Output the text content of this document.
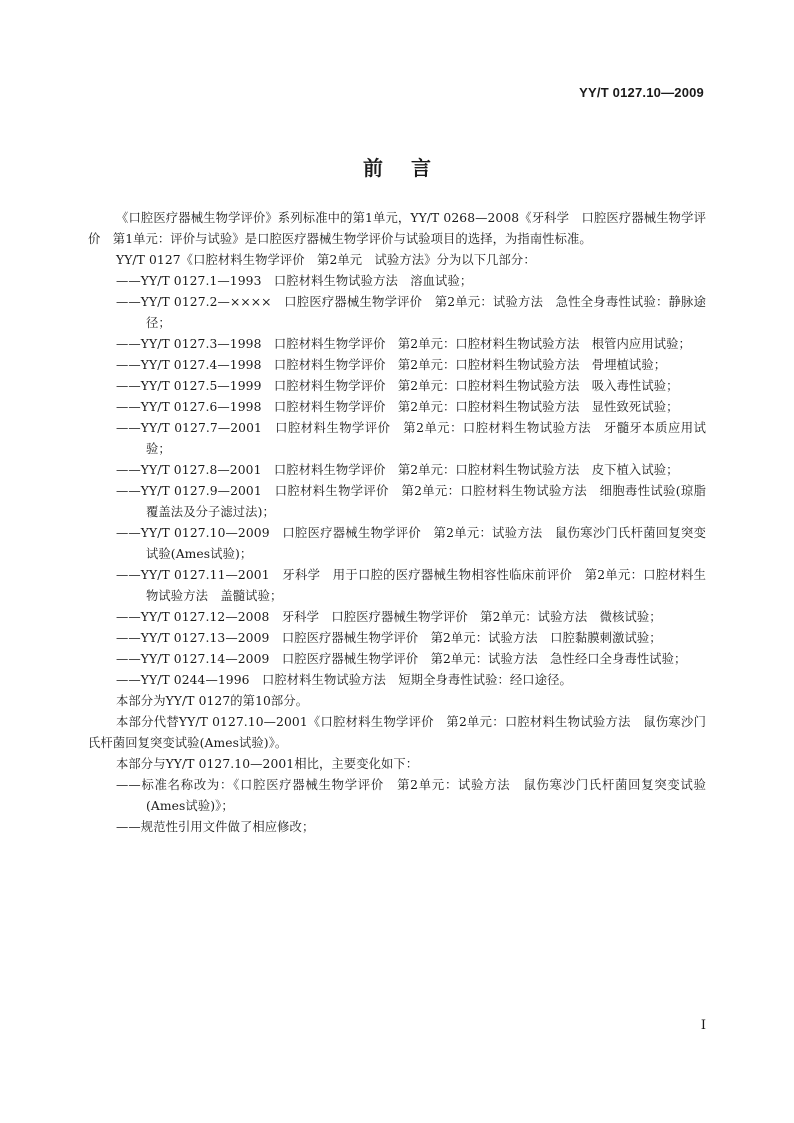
YY/T 0127.10—2009
前言

《口腔医疗器械生物学评价》系列标准中的第1单元，YY/T 0268—2008《牙科学　口腔医疗器械生物学评价　第1单元：评价与试验》是口腔医疗器械生物学评价与试验项目的选择，为指南性标准。

YY/T 0127《口腔材料生物学评价　第2单元　试验方法》分为以下几部分：

——YY/T 0127.1—1993　口腔材料生物试验方法　溶血试验；

——YY/T 0127.2—××××　口腔医疗器械生物学评价　第2单元：试验方法　急性全身毒性试验：静脉途径；

——YY/T 0127.3—1998　口腔材料生物学评价　第2单元：口腔材料生物试验方法　根管内应用试验；

——YY/T 0127.4—1998　口腔材料生物学评价　第2单元：口腔材料生物试验方法　骨埋植试验；

——YY/T 0127.5—1999　口腔材料生物学评价　第2单元：口腔材料生物试验方法　吸入毒性试验；

——YY/T 0127.6—1998　口腔材料生物学评价　第2单元：口腔材料生物试验方法　显性致死试验；

——YY/T 0127.7—2001　口腔材料生物学评价　第2单元：口腔材料生物试验方法　牙髓牙本质应用试验；

——YY/T 0127.8—2001　口腔材料生物学评价　第2单元：口腔材料生物试验方法　皮下植入试验；

——YY/T 0127.9—2001　口腔材料生物学评价　第2单元：口腔材料生物试验方法　细胞毒性试验(琼脂覆盖法及分子滤过法)；

——YY/T 0127.10—2009　口腔医疗器械生物学评价　第2单元：试验方法　鼠伤寒沙门氏杆菌回复突变试验(Ames试验)；

——YY/T 0127.11—2001　牙科学　用于口腔的医疗器械生物相容性临床前评价　第2单元：口腔材料生物试验方法　盖髓试验；

——YY/T 0127.12—2008　牙科学　口腔医疗器械生物学评价　第2单元：试验方法　微核试验；

——YY/T 0127.13—2009　口腔医疗器械生物学评价　第2单元：试验方法　口腔黏膜刺激试验；

——YY/T 0127.14—2009　口腔医疗器械生物学评价　第2单元：试验方法　急性经口全身毒性试验；

——YY/T 0244—1996　口腔材料生物试验方法　短期全身毒性试验：经口途径。

本部分为YY/T 0127的第10部分。

本部分代替YY/T 0127.10—2001《口腔材料生物学评价　第2单元：口腔材料生物试验方法　鼠伤寒沙门氏杆菌回复突变试验(Ames试验)》。

本部分与YY/T 0127.10—2001相比，主要变化如下：

——标准名称改为：《口腔医疗器械生物学评价　第2单元：试验方法　鼠伤寒沙门氏杆菌回复突变试验(Ames试验)》；

——规范性引用文件做了相应修改；

I
